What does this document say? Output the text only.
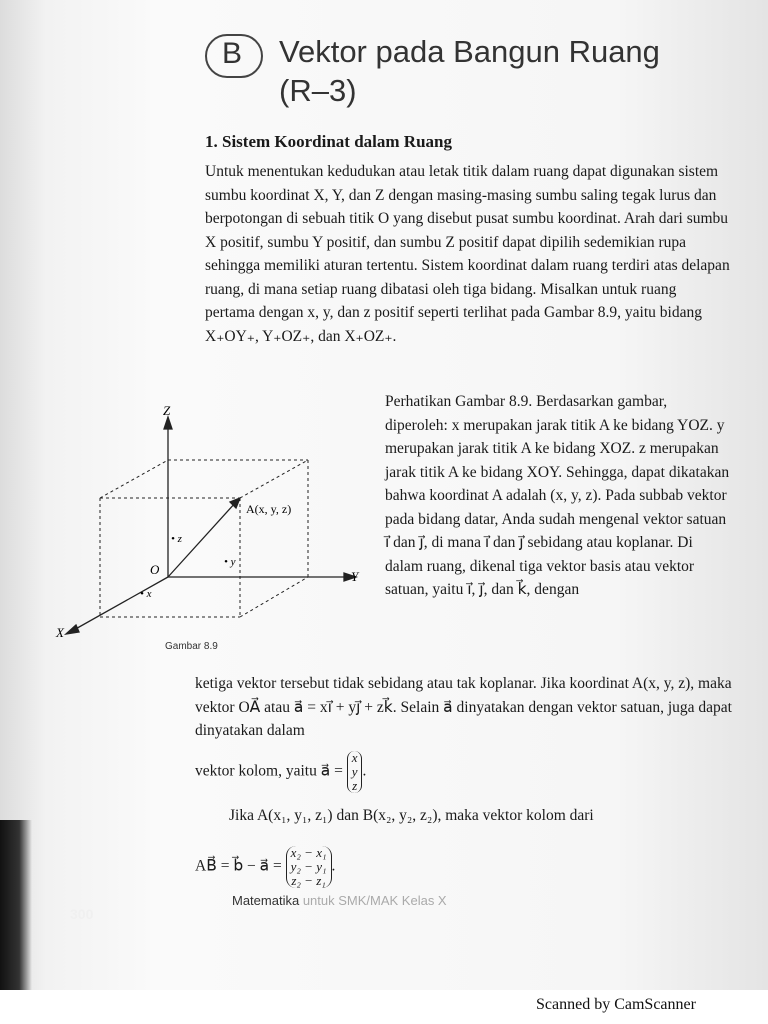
B Vektor pada Bangun Ruang (R–3)
1. Sistem Koordinat dalam Ruang
Untuk menentukan kedudukan atau letak titik dalam ruang dapat digunakan sistem sumbu koordinat X, Y, dan Z dengan masing-masing sumbu saling tegak lurus dan berpotongan di sebuah titik O yang disebut pusat sumbu koordinat. Arah dari sumbu X positif, sumbu Y positif, dan sumbu Z positif dapat dipilih sedemikian rupa sehingga memiliki aturan tertentu. Sistem koordinat dalam ruang terdiri atas delapan ruang, di mana setiap ruang dibatasi oleh tiga bidang. Misalkan untuk ruang pertama dengan x, y, dan z positif seperti terlihat pada Gambar 8.9, yaitu bidang X₊OY₊, Y₊OZ₊, dan X₊OZ₊.
Z
Y
X
O
A(x, y, z)
• z
• y
• x
Gambar 8.9
Perhatikan Gambar 8.9. Berdasarkan gambar, diperoleh: x merupakan jarak titik A ke bidang YOZ. y merupakan jarak titik A ke bidang XOZ. z merupakan jarak titik A ke bidang XOY. Sehingga, dapat dikatakan bahwa koordinat A adalah (x, y, z). Pada subbab vektor pada bidang datar, Anda sudah mengenal vektor satuan i⃗ dan j⃗, di mana i⃗ dan j⃗ sebidang atau koplanar. Di dalam ruang, dikenal tiga vektor basis atau vektor satuan, yaitu i⃗, j⃗, dan k⃗, dengan
ketiga vektor tersebut tidak sebidang atau tak koplanar. Jika koordinat A(x, y, z), maka vektor OA⃗ atau a⃗ = xi⃗ + yj⃗ + zk⃗. Selain a⃗ dinyatakan dengan vektor satuan, juga dapat dinyatakan dalam
vektor kolom, yaitu a⃗ =
x
y
z
.
Jika A(x₁, y₁, z₁) dan B(x₂, y₂, z₂), maka vektor kolom dari
AB⃗ = b⃗ − a⃗ =
x₂ − x₁
y₂ − y₁
z₂ − z₁
.
Matematika untuk SMK/MAK Kelas X
300
Scanned by CamScanner
